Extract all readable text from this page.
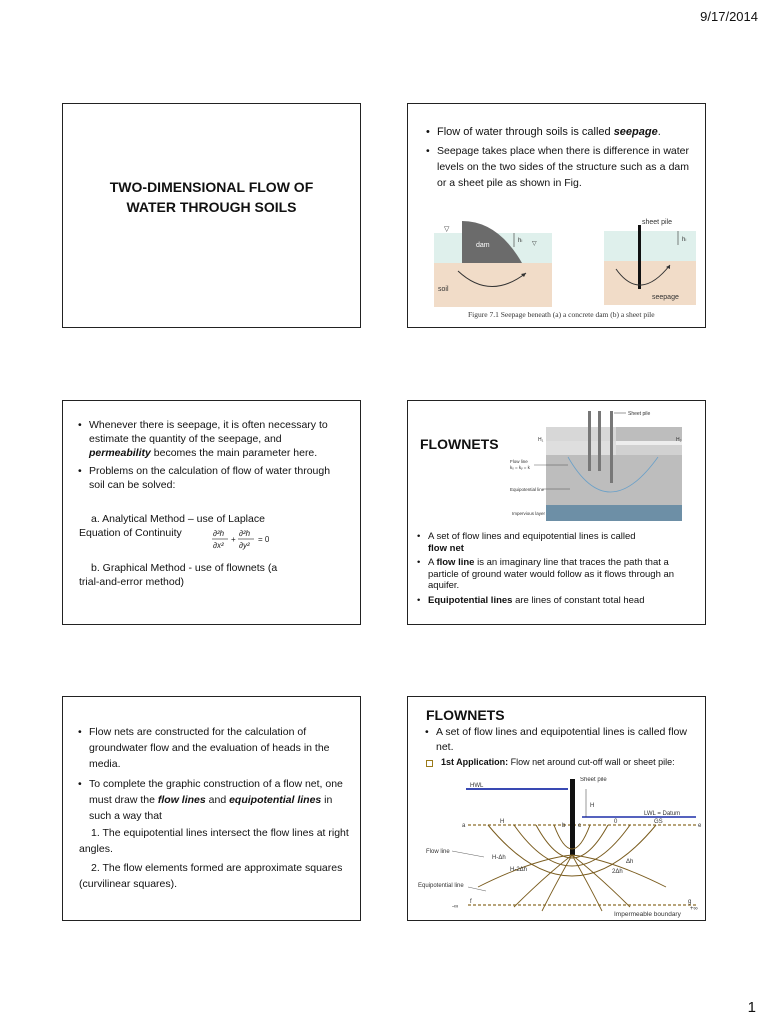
9/17/2014
TWO-DIMENSIONAL FLOW OF
WATER THROUGH SOILS
• Flow of water through soils is called seepage.
• Seepage takes place when there is difference in water levels on the two sides of the structure such as a dam or a sheet pile as shown in Fig.
dam
soil
hₗ
▽
▽
sheet pile
hₗ
seepage
Figure 7.1 Seepage beneath (a) a concrete dam (b) a sheet pile
• Whenever there is seepage, it is often necessary to estimate the quantity of the seepage, and permeability becomes the main parameter here.
• Problems on the calculation of flow of water through soil can be solved:
a. Analytical Method – use of Laplace
Equation of Continuity	∂²h
∂x²
+
∂²h
∂y²
= 0
b. Graphical Method - use of flownets (a
trial-and-error method)
FLOWNETS
Sheet pile
H₁	H₂
Flow line
kₓ = kᵧ = k
Equipotential line
Impervious layer
• A set of flow lines and equipotential lines is called
flow net
• A flow line is an imaginary line that traces the path that a particle of ground water would follow as it flows through an aquifer.
• Equipotential lines are lines of constant total head
• Flow nets are constructed for the calculation of groundwater flow and the evaluation of heads in the media.
• To complete the graphic construction of a flow net, one must draw the flow lines and equipotential lines in such a way that
1. The equipotential lines intersect the flow lines at right angles.
2. The flow elements formed are approximate squares (curvilinear squares).
FLOWNETS
• A set of flow lines and equipotential lines is called flow net.
1st Application: Flow net around cut-off wall or sheet pile:
HWL
Sheet pile
H
LWL = Datum
a
H
b c
0	GS
e
Flow line
H-Δh
H-2Δh
Δh
2Δh
Equipotential line
f	g
-∞	+∞
Impermeable boundary
1
